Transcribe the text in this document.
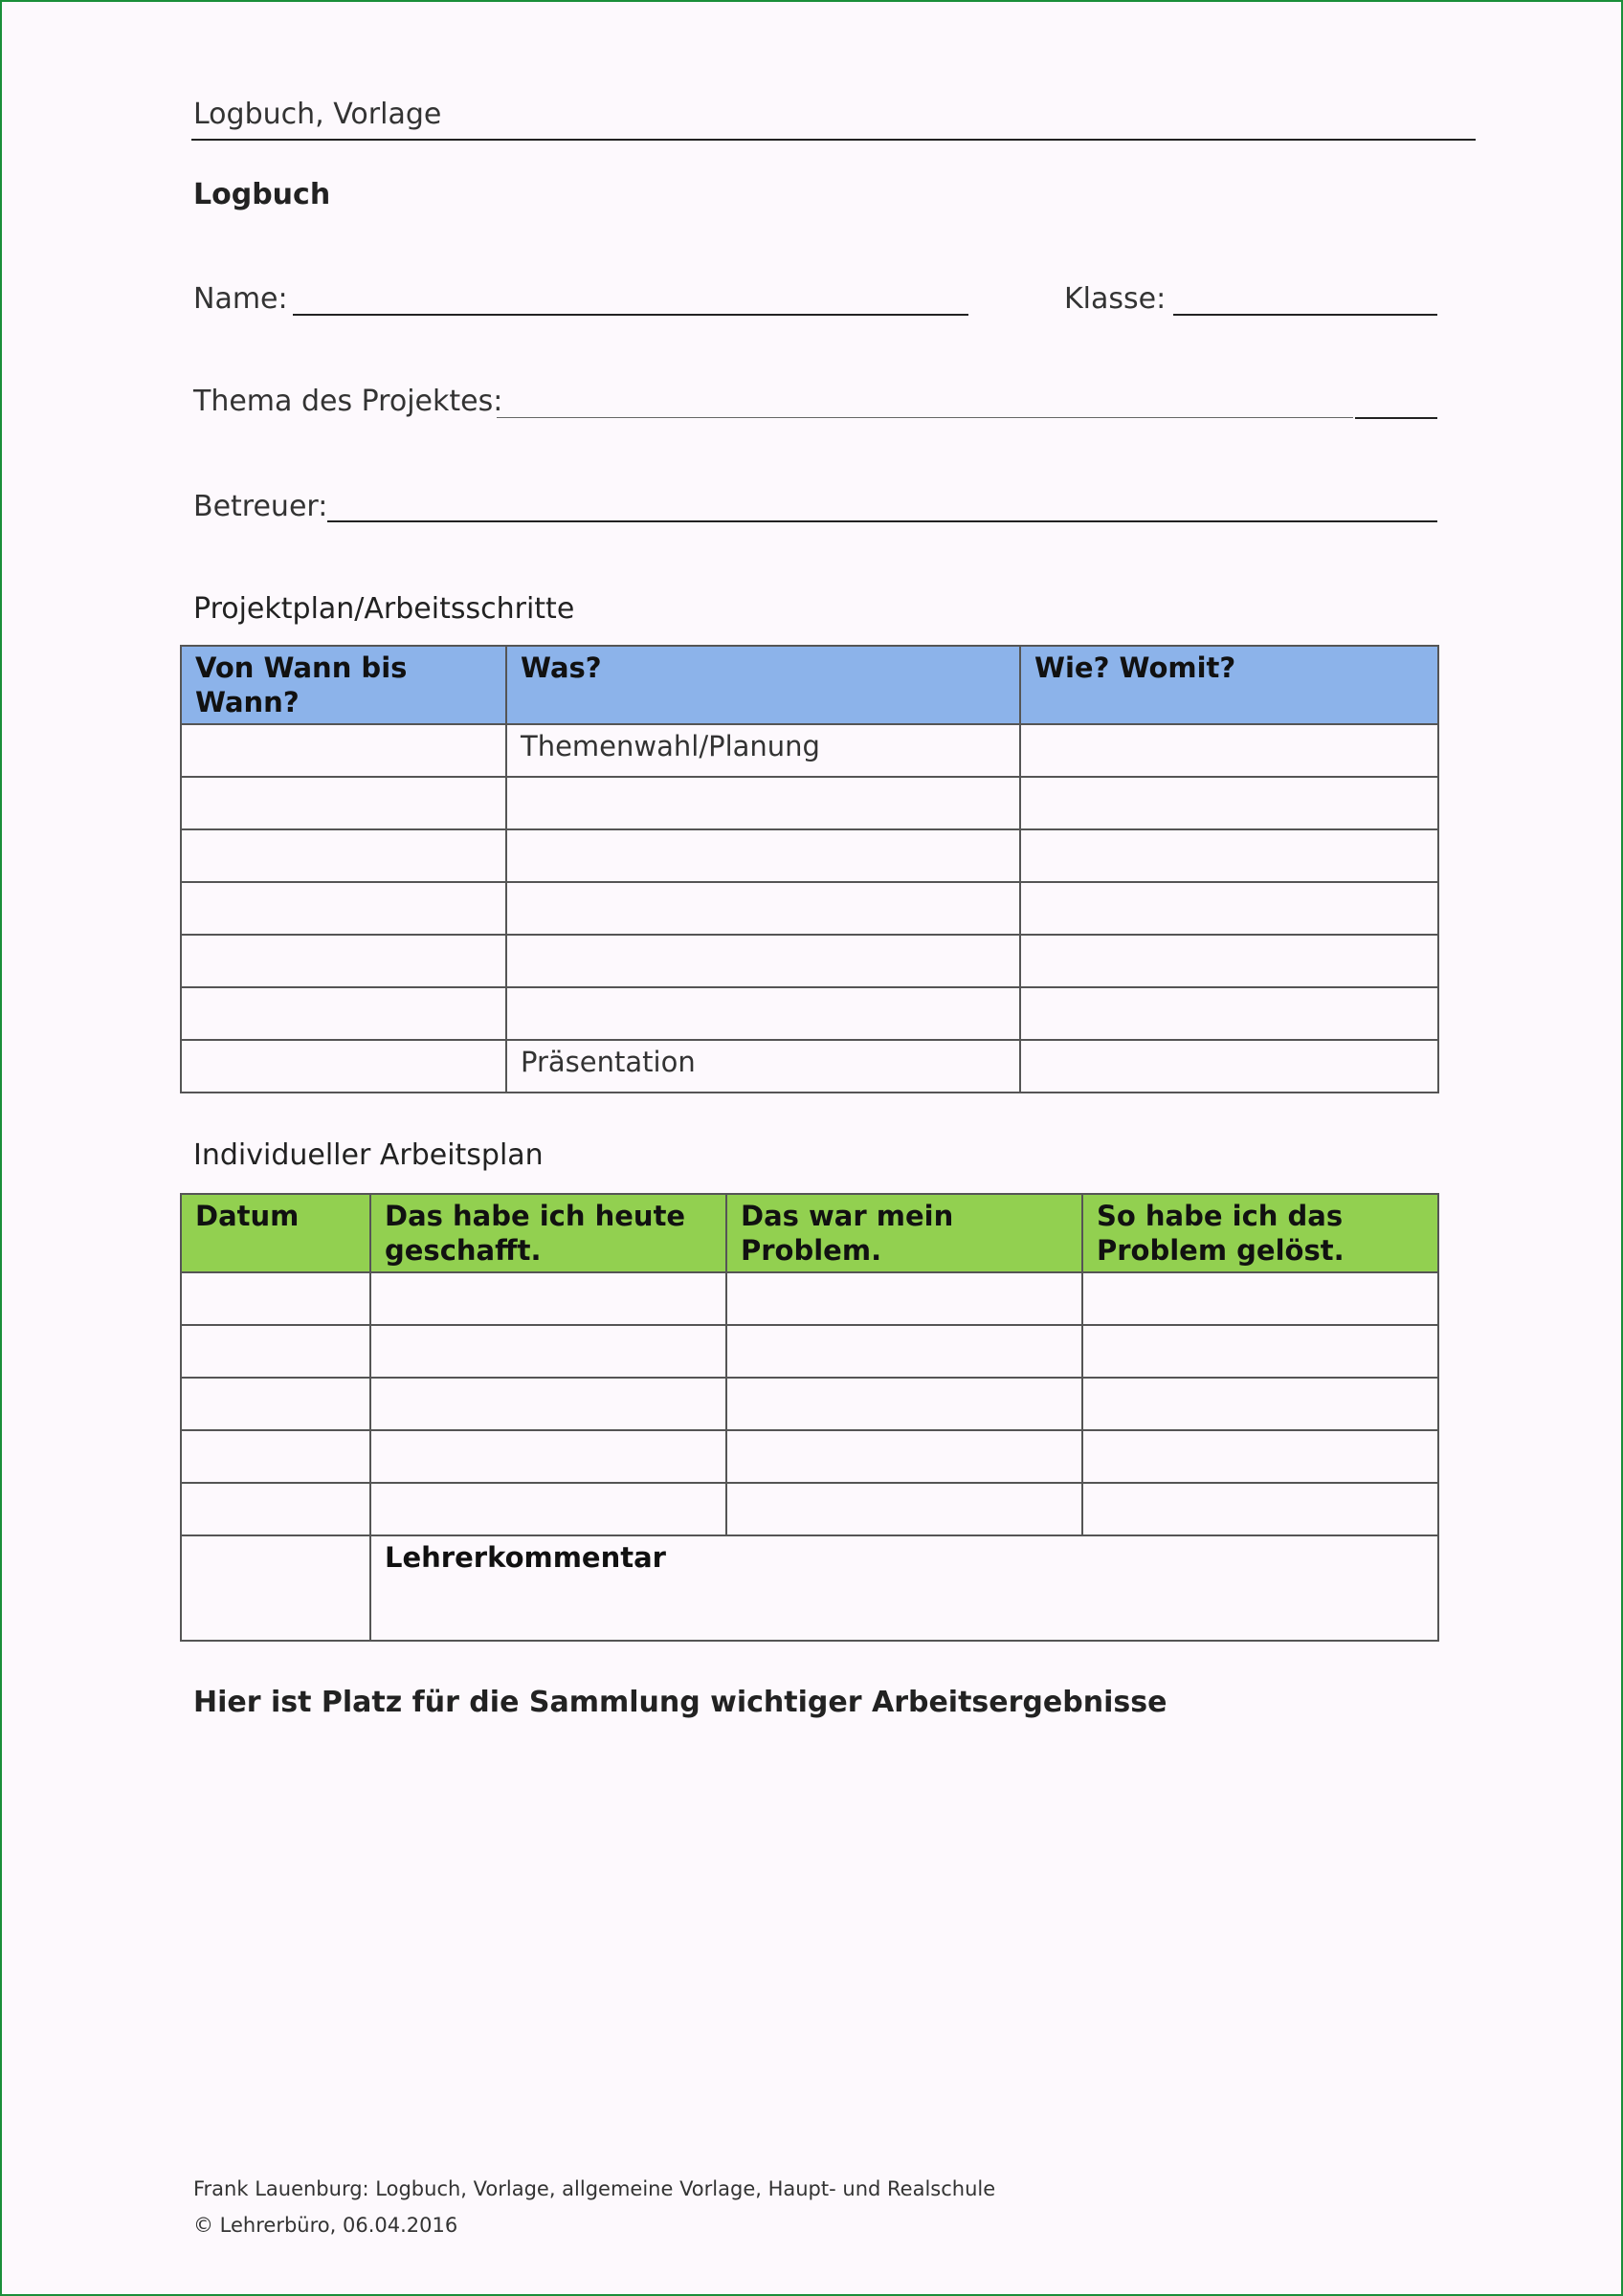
Logbuch, Vorlage
Logbuch
Name:	Klasse:
Thema des Projektes:
Betreuer:
Projektplan/Arbeitsschritte
Von Wann bis Wann?	Was?	Wie? Womit?
	Themenwahl/Planung	

	Präsentation	
Individueller Arbeitsplan
Datum	Das habe ich heute geschafft.	Das war mein Problem.	So habe ich das Problem gelöst.

	Lehrerkommentar		
Hier ist Platz für die Sammlung wichtiger Arbeitsergebnisse
Frank Lauenburg: Logbuch, Vorlage, allgemeine Vorlage, Haupt- und Realschule
© Lehrerbüro, 06.04.2016
